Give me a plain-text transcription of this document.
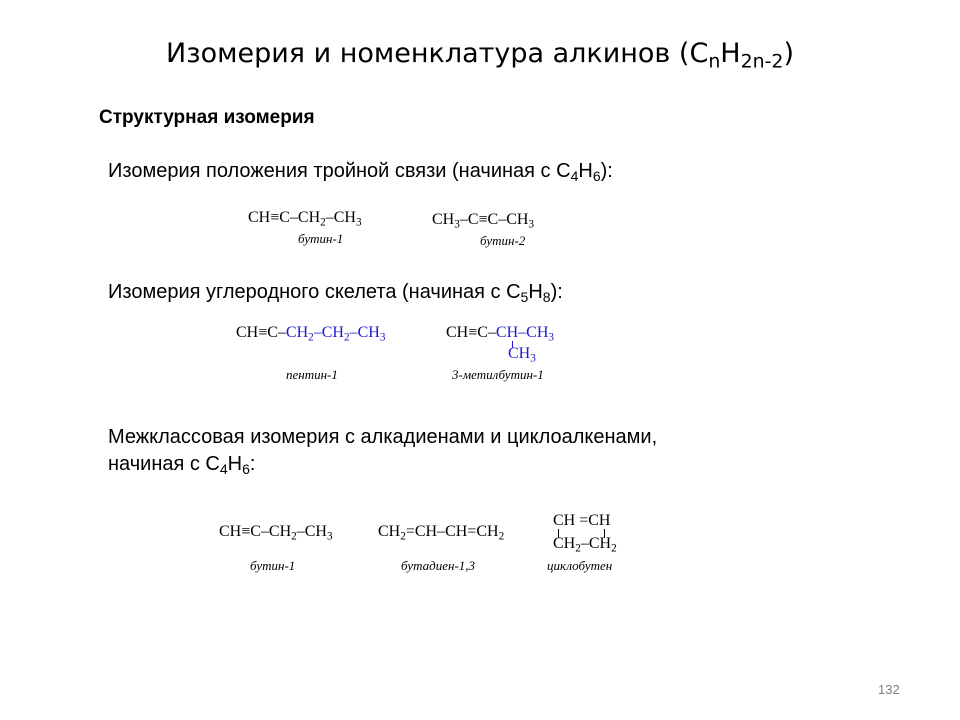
Изомерия и номенклатура алкинов $(C_nH_{2n-2})$
Структурная изомерия
Изомерия положения тройной связи (начиная с $C_4H_6$):
$CH\equiv C-CH_2-CH_3$
бутин-1
$CH_3-C\equiv C-CH_3$
бутин-2
Изомерия углеродного скелета (начиная с $C_5H_8$):
$CH\equiv C-CH_2-CH_2-CH_3$
пентин-1
$CH\equiv C-CH-CH_3$
$CH_3$
3-метилбутин-1
Межклассовая изомерия с алкадиенами и циклоалкенами,
начиная с $C_4H_6$:
$CH\equiv C-CH_2-CH_3$
бутин-1
$CH_2=CH-CH=CH_2$
бутадиен-1,3
CH =CH
$CH_2-CH_2$
циклобутен
132
